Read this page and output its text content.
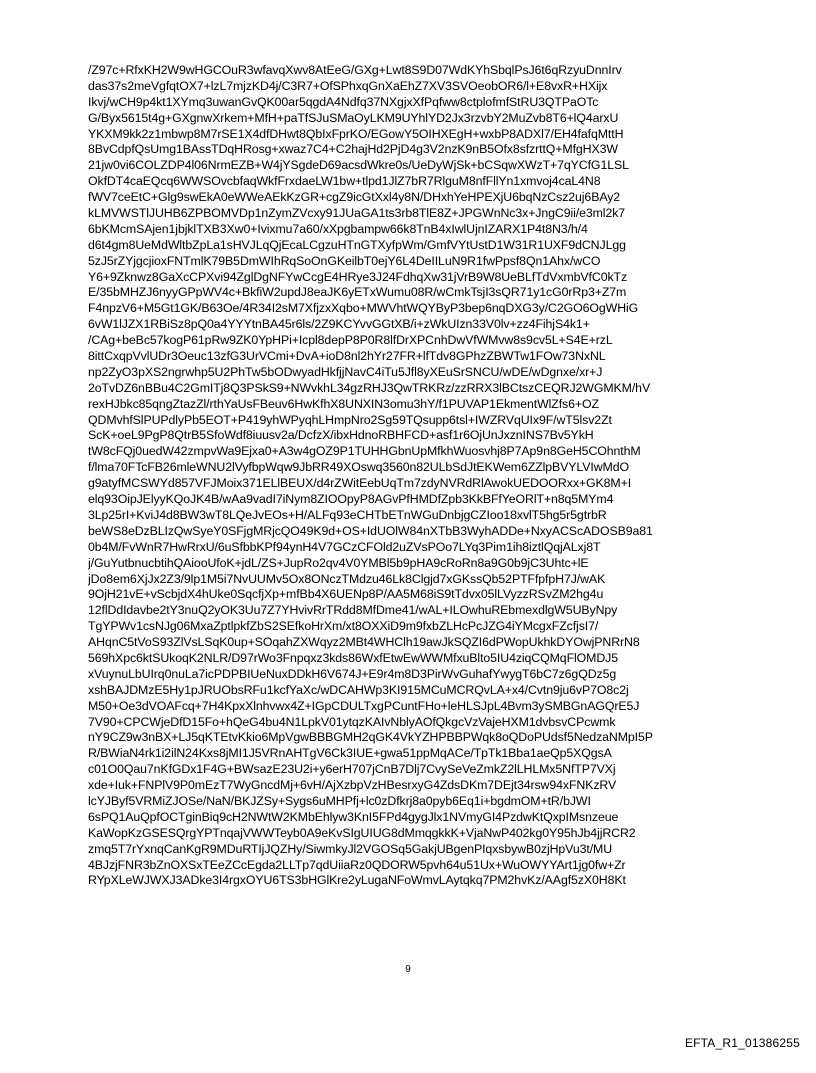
/Z97c+RfxKH2W9wHGCOuR3wfavqXwv8AtEeG/GXg+Lwt8S9D07WdKYhSbqlPsJ6t6qRzyuDnnIrv
das37s2meVgfqtOX7+lzL7mjzKD4j/C3R7+OfSPhxqGnXaEhZ7XV3SVOeobOR6/l+E8vxR+HXijx
Ikvj/wCH9p4kt1XYmq3uwanGvQK00ar5qgdA4Ndfq37NXgjxXfPqfww8ctplofmfStRU3QTPaOTc
G/Byx5615t4g+GXgnwXrkem+MfH+paTfSJuSMaOyLKM9UYhlYD2Jx3rzvbY2MuZvb8T6+lQ4arxU
YKXM9kk2z1mbwp8M7rSE1X4dfDHwt8QbIxFprKO/EGowY5OIHXEgH+wxbP8ADXl7/EH4fafqMttH
8BvCdpfQsUmg1BAssTDqHRosg+xwaz7C4+C2hajHd2PjD4g3V2nzK9nB5Ofx8sfzrttQ+MfgHX3W
21jw0vi6COLZDP4l06NrmEZB+W4jYSgdeD69acsdWkre0s/UeDyWjSk+bCSqwXWzT+7qYCfG1LSL
OkfDT4caEQcq6WWSOvcbfaqWkfFrxdaeLW1bw+tlpd1JlZ7bR7RlguM8nfFllYn1xmvoj4caL4N8
fWV7ceEtC+Glg9swEkA0eWWeAEkKzGR+cgZ9icGtXxl4y8N/DHxhYeHPEXjU6bqNzCsz2uj6BAy2
kLMVWSTlJUHB6ZPBOMVDp1nZymZVcxy91JUaGA1ts3rb8TlE8Z+JPGWnNc3x+JngC9ii/e3ml2k7
6bKMcmSAjen1jbjklTXB3Xw0+Ivixmu7a60/xXpgbampw66k8TnB4xIwlUjnIZARX1P4t8N3/h/4
d6t4gm8UeMdWltbZpLa1sHVJLqQjEcaLCgzuHTnGTXyfpWm/GmfVYtUstD1W31R1UXF9dCNJLgg
5zJ5rZYjgcjioxFNTmlK79B5DmWIhRqSoOnGKeilbT0ejY6L4DeIILuN9R1fwPpsf8Qn1Ahx/wCO
Y6+9Zknwz8GaXcCPXvi94ZglDgNFYwCcgE4HRye3J24FdhqXw31jVrB9W8UeBLfTdVxmbVfC0kTz
E/35bMHZJ6nyyGPpWV4c+BkfiW2updJ8eaJK6yETxWumu08R/wCmkTsjI3sQR71y1cG0rRp3+Z7m
F4npzV6+M5Gt1GK/B63Oe/4R34I2sM7XfjzxXqbo+MWVhtWQYByP3bep6nqDXG3y/C2GO6OgWHiG
6vW1lJZX1RBiSz8pQ0a4YYYtnBA45r6ls/2Z9KCYvvGGtXB/i+zWkUIzn33V0lv+zz4FihjS4k1+
/CAg+beBc57kogP61pRw9ZK0YpHPi+Icpl8depP8P0R8lfDrXPCnhDwVfWMvw8s9cv5L+S4E+rzL
8ittCxqpVvlUDr3Oeuc13zfG3UrVCmi+DvA+ioD8nl2hYr27FR+lfTdv8GPhzZBWTw1FOw73NxNL
np2ZyO3pXS2ngrwhp5U2PhTw5bODwyadHkfjjNavC4iTu5Jfl8yXEuSrSNCU/wDE/wDgnxe/xr+J
2oTvDZ6nBBu4C2GmITj8Q3PSkS9+NWvkhL34gzRHJ3QwTRKRz/zzRRX3lBCtszCEQRJ2WGMKM/hV
rexHJbkc85qngZtazZl/rthYaUsFBeuv6HwKfhX8UNXIN3omu3hY/f1PUVAP1EkmentWlZfs6+OZ
QDMvhfSlPUPdlyPb5EOT+P419yhWPyqhLHmpNro2Sg59TQsupp6tsl+IWZRVqUIx9F/wT5lsv2Zt
ScK+oeL9PgP8QtrB5SfoWdf8iuusv2a/DcfzX/ibxHdnoRBHFCD+asf1r6OjUnJxznINS7Bv5YkH
tW8cFQj0uedW42zmpvWa9Ejxa0+A3w4gOZ9P1TUHHGbnUpMfkhWuosvhj8P7Ap9n8GeH5COhnthM
f/lma70FTcFB26mleWNU2lVyfbpWqw9JbRR49XOswq3560n82ULbSdJtEKWem6ZZlpBVYLVIwMdO
g9atyfMCSWYd857VFJMoix371ELlBEUX/d4rZWitEebUqTm7zdyNVRdRlAwokUEDOORxx+GK8M+I
elq93OipJElyyKQoJK4B/wAa9vadI7iNym8ZIOOpyP8AGvPfHMDfZpb3KkBFfYeORlT+n8q5MYm4
3Lp25rI+KviJ4d8BW3wT8LQeJvEOs+H/ALFq93eCHTbETnWGuDnbjgCZIoo18xvlT5hg5r5gtrbR
beWS8eDzBLIzQwSyeY0SFjgMRjcQO49K9d+OS+IdUOlW84nXTbB3WyhADDe+NxyACScADOSB9a81
0b4M/FvWnR7HwRrxU/6uSfbbKPf94ynH4V7GCzCFOld2uZVsPOo7LYq3Pim1ih8iztlQqjALxj8T
j/GuYutbnucbtihQAiooUfoK+jdL/ZS+JupRo2qv4V0YMBl5b9pHA9cRoRn8a9G0b9jC3Uhtc+lE
jDo8em6XjJx2Z3/9lp1M5i7NvUUMv5Ox8ONczTMdzu46Lk8Clgjd7xGKssQb52PTFfpfpH7J/wAK
9OjH21vE+vScbjdX4hUke0SqcfjXp+mfBb4X6UENp8P/AA5M68iS9tTdvx05lLVyzzRSvZM2hg4u
12flDdIdavbe2tY3nuQ2yOK3Uu7Z7YHvivRrTRdd8MfDme41/wAL+ILOwhuREbmexdlgW5UByNpy
TgYPWv1csNJg06MxaZptlpkfZbS2SEfkoHrXm/xt8OXXiD9m9fxbZLHcPcJZG4iYMcgxFZcfjsI7/
AHqnC5tVoS93ZlVsLSqK0up+SOqahZXWqyz2MBt4WHClh19awJkSQZI6dPWopUkhkDYOwjPNRrN8
569hXpc6ktSUkoqK2NLR/D97rWo3Fnpqxz3kds86WxfEtwEwWWMfxuBlto5IU4ziqCQMqFlOMDJ5
xVuynuLbUIrq0nuLa7icPDPBIUeNuxDDkH6V674J+E9r4m8D3PirWvGuhafYwygT6bC7z6gQDz5g
xshBAJDMzE5Hy1pJRUObsRFu1kcfYaXc/wDCAHWp3KI915MCuMCRQvLA+x4/Cvtn9ju6vP7O8c2j
M50+Oe3dVOAFcq+7H4KpxXlnhvwx4Z+IGpCDULTxgPCuntFHo+leHLSJpL4Bvm3ySMBGnAGQrE5J
7V90+CPCWjeDfD15Fo+hQeG4bu4N1LpkV01ytqzKAIvNblyAOfQkgcVzVajeHXM1dvbsvCPcwmk
nY9CZ9w3nBX+LJ5qKTEtvKkio6MpVgwBBBGMH2qGK4VkYZHPBBPWqk8oQDoPUdsf5NedzaNMpI5P
R/BWiaN4rk1i2ilN24Kxs8jMI1J5VRnAHTgV6Ck3IUE+gwa51ppMqACe/TpTk1Bba1aeQp5XQgsA
c01O0Qau7nKfGDx1F4G+BWsazE23U2i+y6erH707jCnB7Dlj7CvySeVeZmkZ2lLHLMx5NfTP7VXj
xde+Iuk+FNPlV9P0mEzT7WyGncdMj+6vH/AjXzbpVzHBesrxyG4ZdsDKm7DEjt34rsw94xFNKzRV
lcYJByf5VRMiZJOSe/NaN/BKJZSy+Sygs6uMHPfj+lc0zDfkrj8a0pyb6Eq1i+bgdmOM+tR/bJWI
6sPQ1AuQpfOCTginBiq9cH2NWtW2KMbEhlyw3KnI5FPd4gygJlx1NVmyGI4PzdwKtQxpIMsnzeue
KaWopKzGSESQrgYPTnqajVWWTeyb0A9eKvSIgUIUG8dMmqgkkK+VjaNwP402kg0Y95hJb4jjRCR2
zmq5T7rYxnqCanKgR9MDuRTIjJQZHy/SiwmkyJl2VGOSq5GakjUBgenPIqxsbywB0zjHpVu3t/MU
4BJzjFNR3bZnOXSxTEeZCcEgda2LLTp7qdUiiaRz0QDORW5pvh64u51Ux+WuOWYYArt1jg0fw+Zr
RYpXLeWJWXJ3ADke3I4rgxOYU6TS3bHGlKre2yLugaNFoWmvLAytqkq7PM2hvKz/AAgf5zX0H8Kt
9
EFTA_R1_01386255
